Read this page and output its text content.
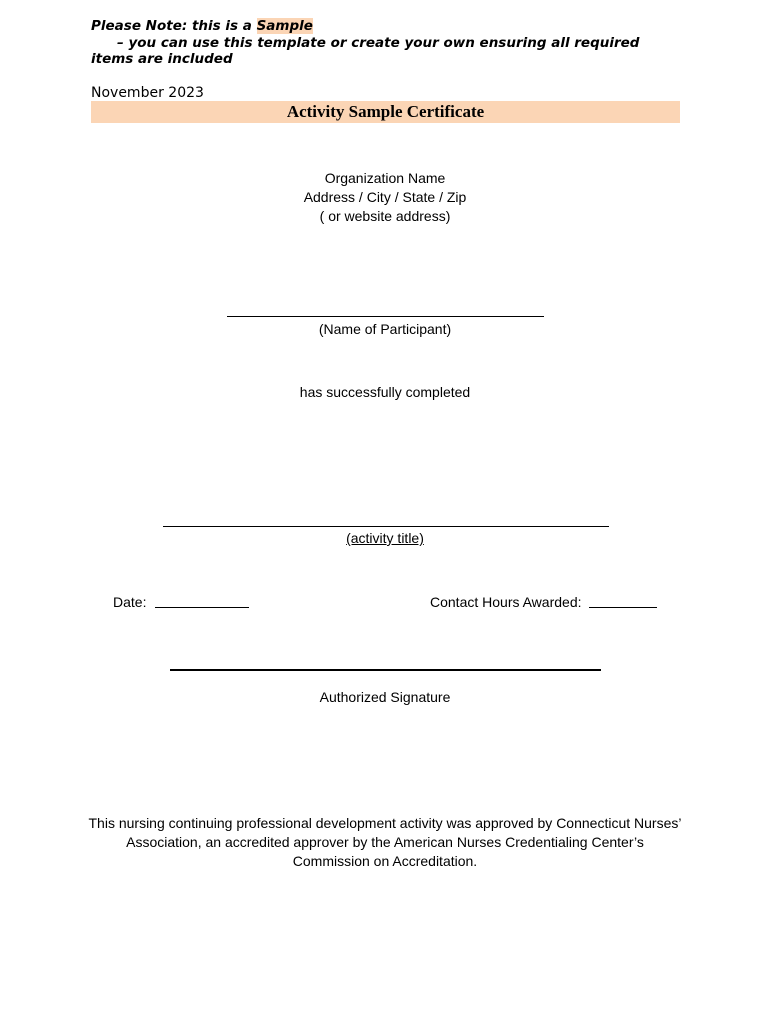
Please Note: this is a Sample
– you can use this template or create your own ensuring all required
items are included
November 2023
Activity Sample Certificate
Organization Name
Address / City / State / Zip
( or website address)
(Name of Participant)
has successfully completed
(activity title)
Date:	Contact Hours Awarded:
Authorized Signature
This nursing continuing professional development activity was approved by Connecticut Nurses’
Association, an accredited approver by the American Nurses Credentialing Center’s
Commission on Accreditation.
